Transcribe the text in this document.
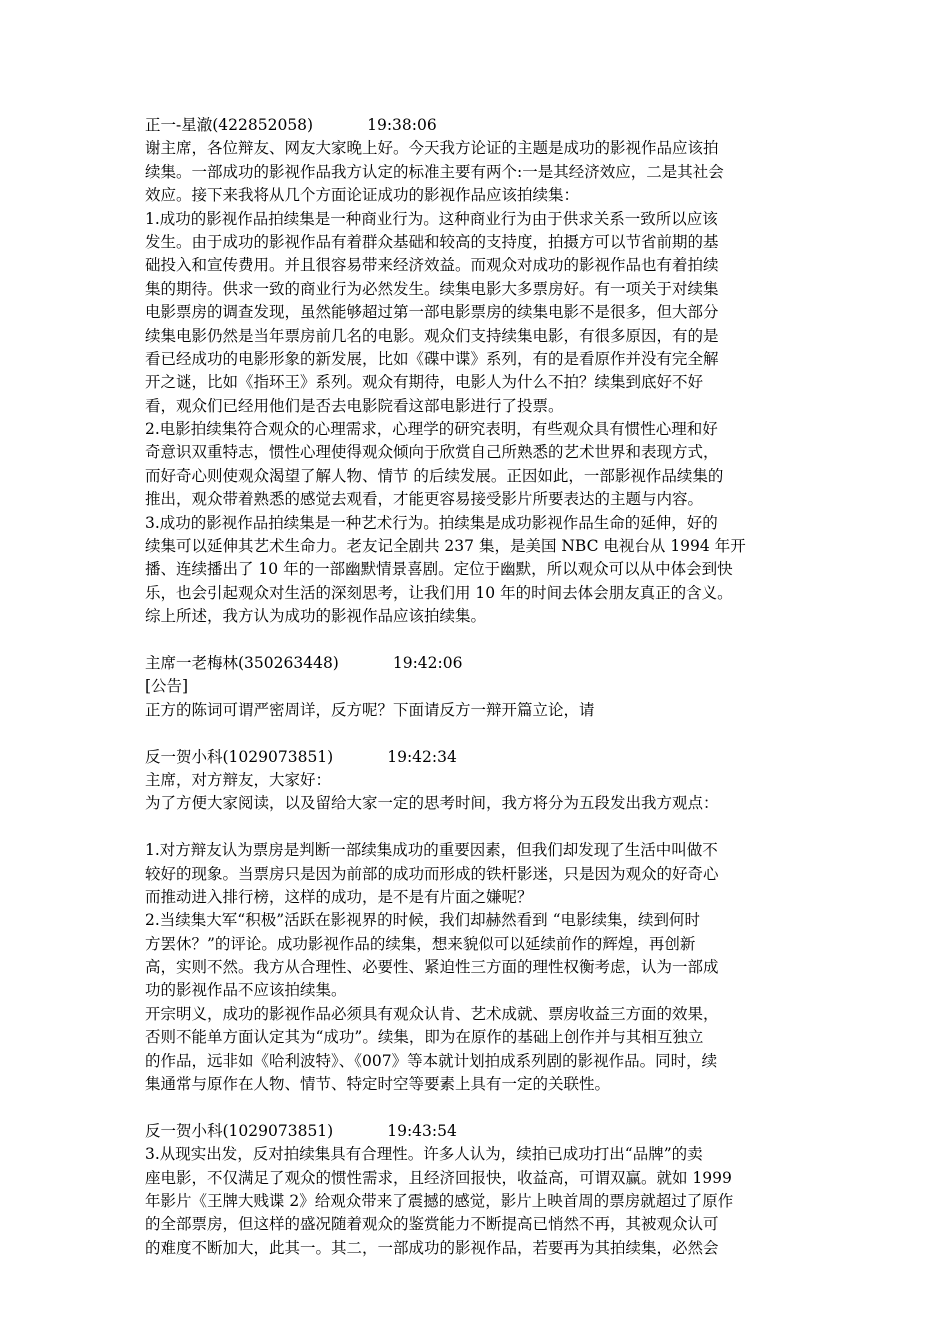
正一-星澈(422852058)	19:38:06
谢主席，各位辩友、网友大家晚上好。今天我方论证的主题是成功的影视作品应该拍
续集。一部成功的影视作品我方认定的标准主要有两个:一是其经济效应，二是其社会
效应。接下来我将从几个方面论证成功的影视作品应该拍续集：
1.成功的影视作品拍续集是一种商业行为。这种商业行为由于供求关系一致所以应该
发生。由于成功的影视作品有着群众基础和较高的支持度，拍摄方可以节省前期的基
础投入和宣传费用。并且很容易带来经济效益。而观众对成功的影视作品也有着拍续
集的期待。供求一致的商业行为必然发生。续集电影大多票房好。有一项关于对续集
电影票房的调查发现，虽然能够超过第一部电影票房的续集电影不是很多，但大部分
续集电影仍然是当年票房前几名的电影。观众们支持续集电影，有很多原因，有的是
看已经成功的电影形象的新发展，比如《碟中谍》系列，有的是看原作并没有完全解
开之谜，比如《指环王》系列。观众有期待，电影人为什么不拍？续集到底好不好
看，观众们已经用他们是否去电影院看这部电影进行了投票。
2.电影拍续集符合观众的心理需求，心理学的研究表明，有些观众具有惯性心理和好
奇意识双重特志，惯性心理使得观众倾向于欣赏自己所熟悉的艺术世界和表现方式，
而好奇心则使观众渴望了解人物、情节 的后续发展。正因如此，一部影视作品续集的
推出，观众带着熟悉的感觉去观看，才能更容易接受影片所要表达的主题与内容。
3.成功的影视作品拍续集是一种艺术行为。拍续集是成功影视作品生命的延伸，好的
续集可以延伸其艺术生命力。老友记全剧共 237 集，是美国 NBC 电视台从 1994 年开
播、连续播出了 10 年的一部幽默情景喜剧。定位于幽默，所以观众可以从中体会到快
乐，也会引起观众对生活的深刻思考，让我们用 10 年的时间去体会朋友真正的含义。
综上所述，我方认为成功的影视作品应该拍续集。
主席一老梅林(350263448)	19:42:06
[公告]
正方的陈词可谓严密周详，反方呢？下面请反方一辩开篇立论，请
反一贺小科(1029073851)	19:42:34
主席，对方辩友，大家好：
为了方便大家阅读，以及留给大家一定的思考时间，我方将分为五段发出我方观点：
1.对方辩友认为票房是判断一部续集成功的重要因素，但我们却发现了生活中叫做不
较好的现象。当票房只是因为前部的成功而形成的铁杆影迷，只是因为观众的好奇心
而推动进入排行榜，这样的成功，是不是有片面之嫌呢？
2.当续集大军“积极”活跃在影视界的时候，我们却赫然看到 “电影续集，续到何时
方罢休？”的评论。成功影视作品的续集，想来貌似可以延续前作的辉煌，再创新
高，实则不然。我方从合理性、必要性、紧迫性三方面的理性权衡考虑，认为一部成
功的影视作品不应该拍续集。
开宗明义，成功的影视作品必须具有观众认肯、艺术成就、票房收益三方面的效果，
否则不能单方面认定其为“成功”。续集，即为在原作的基础上创作并与其相互独立
的作品，远非如《哈利波特》、《007》等本就计划拍成系列剧的影视作品。同时，续
集通常与原作在人物、情节、特定时空等要素上具有一定的关联性。
反一贺小科(1029073851)	19:43:54
3.从现实出发，反对拍续集具有合理性。许多人认为，续拍已成功打出“品牌”的卖
座电影，不仅满足了观众的惯性需求，且经济回报快，收益高，可谓双赢。就如 1999
年影片《王牌大贱谍 2》给观众带来了震撼的感觉，影片上映首周的票房就超过了原作
的全部票房，但这样的盛况随着观众的鉴赏能力不断提高已悄然不再，其被观众认可
的难度不断加大，此其一。其二，一部成功的影视作品，若要再为其拍续集，必然会
